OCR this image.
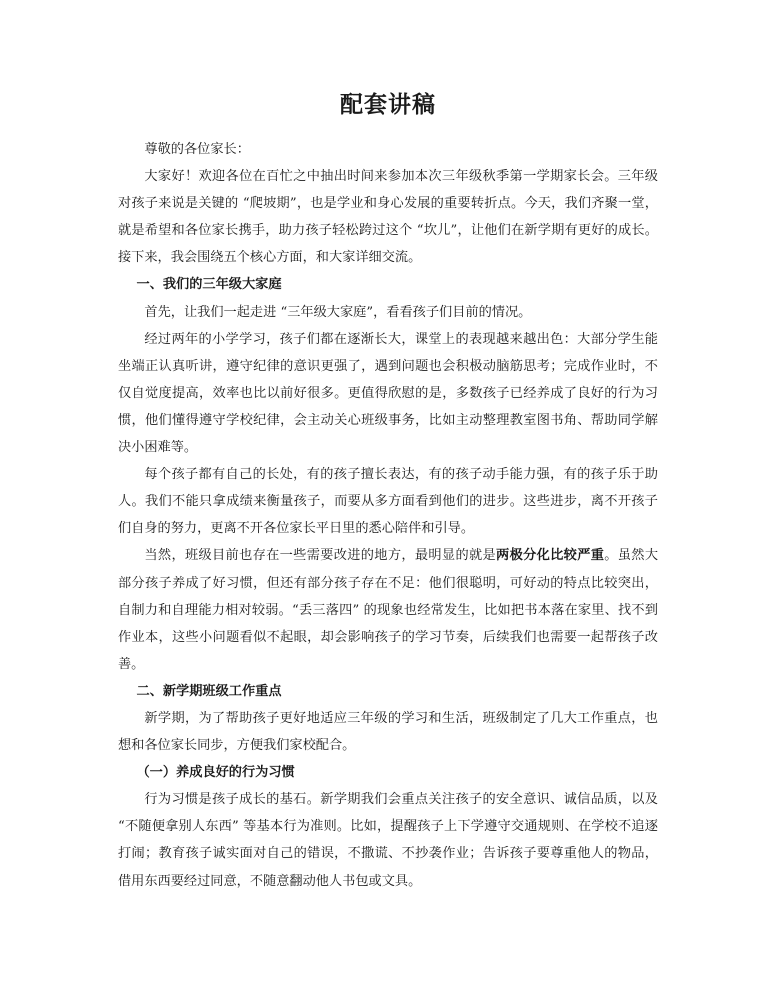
配套讲稿

尊敬的各位家长：

大家好！欢迎各位在百忙之中抽出时间来参加本次三年级秋季第一学期家长会。三年级对孩子来说是关键的 “爬坡期”，也是学业和身心发展的重要转折点。今天，我们齐聚一堂，就是希望和各位家长携手，助力孩子轻松跨过这个 “坎儿”，让他们在新学期有更好的成长。接下来，我会围绕五个核心方面，和大家详细交流。

一、我们的三年级大家庭

首先，让我们一起走进 “三年级大家庭”，看看孩子们目前的情况。

经过两年的小学学习，孩子们都在逐渐长大，课堂上的表现越来越出色：大部分学生能坐端正认真听讲，遵守纪律的意识更强了，遇到问题也会积极动脑筋思考；完成作业时，不仅自觉度提高，效率也比以前好很多。更值得欣慰的是，多数孩子已经养成了良好的行为习惯，他们懂得遵守学校纪律，会主动关心班级事务，比如主动整理教室图书角、帮助同学解决小困难等。

每个孩子都有自己的长处，有的孩子擅长表达，有的孩子动手能力强，有的孩子乐于助人。我们不能只拿成绩来衡量孩子，而要从多方面看到他们的进步。这些进步，离不开孩子们自身的努力，更离不开各位家长平日里的悉心陪伴和引导。

当然，班级目前也存在一些需要改进的地方，最明显的就是两极分化比较严重。虽然大部分孩子养成了好习惯，但还有部分孩子存在不足：他们很聪明，可好动的特点比较突出，自制力和自理能力相对较弱。“丢三落四” 的现象也经常发生，比如把书本落在家里、找不到作业本，这些小问题看似不起眼，却会影响孩子的学习节奏，后续我们也需要一起帮孩子改善。

二、新学期班级工作重点

新学期，为了帮助孩子更好地适应三年级的学习和生活，班级制定了几大工作重点，也想和各位家长同步，方便我们家校配合。

（一）养成良好的行为习惯

行为习惯是孩子成长的基石。新学期我们会重点关注孩子的安全意识、诚信品质，以及 “不随便拿别人东西” 等基本行为准则。比如，提醒孩子上下学遵守交通规则、在学校不追逐打闹；教育孩子诚实面对自己的错误，不撒谎、不抄袭作业；告诉孩子要尊重他人的物品，借用东西要经过同意，不随意翻动他人书包或文具。
